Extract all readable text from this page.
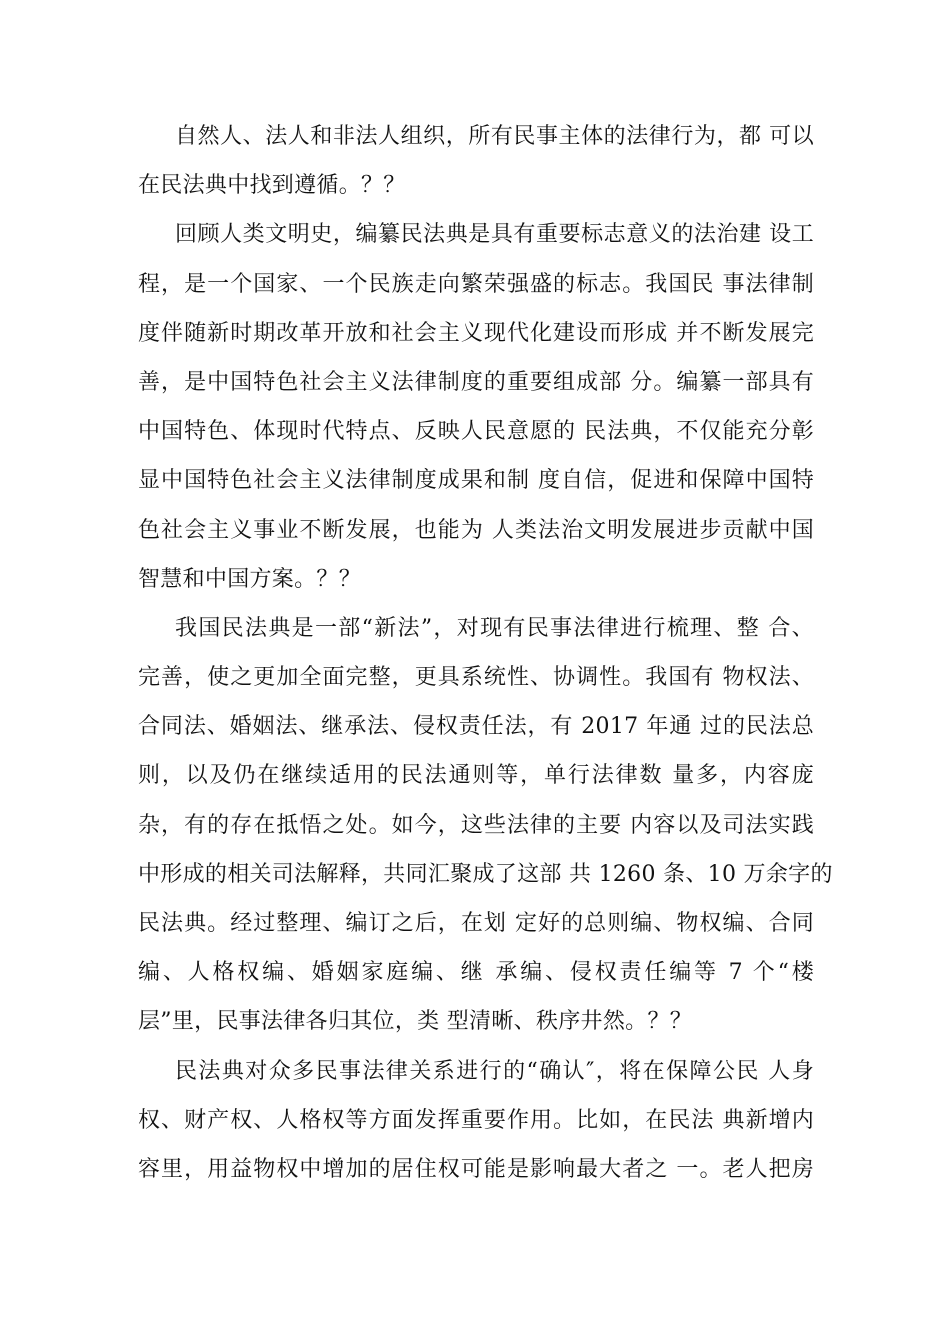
自然人、法人和非法人组织，所有民事主体的法律行为，都 可以
在民法典中找到遵循。？？
回顾人类文明史，编纂民法典是具有重要标志意义的法治建 设工
程，是一个国家、一个民族走向繁荣强盛的标志。我国民 事法律制
度伴随新时期改革开放和社会主义现代化建设而形成 并不断发展完
善，是中国特色社会主义法律制度的重要组成部 分。编纂一部具有
中国特色、体现时代特点、反映人民意愿的 民法典，不仅能充分彰
显中国特色社会主义法律制度成果和制 度自信，促进和保障中国特
色社会主义事业不断发展，也能为 人类法治文明发展进步贡献中国
智慧和中国方案。？？
我国民法典是一部“新法”，对现有民事法律进行梳理、整 合、
完善，使之更加全面完整，更具系统性、协调性。我国有 物权法、
合同法、婚姻法、继承法、侵权责任法，有 2017 年通 过的民法总
则，以及仍在继续适用的民法通则等，单行法律数 量多，内容庞
杂，有的存在抵悟之处。如今，这些法律的主要 内容以及司法实践
中形成的相关司法解释，共同汇聚成了这部 共 1260 条、10 万余字的
民法典。经过整理、编订之后，在划 定好的总则编、物权编、合同
编、人格权编、婚姻家庭编、继 承编、侵权责任编等 7 个“楼
层”里，民事法律各归其位，类 型清晰、秩序井然。？？
民法典对众多民事法律关系进行的“确认″，将在保障公民 人身
权、财产权、人格权等方面发挥重要作用。比如，在民法 典新增内
容里，用益物权中增加的居住权可能是影响最大者之 一。老人把房
